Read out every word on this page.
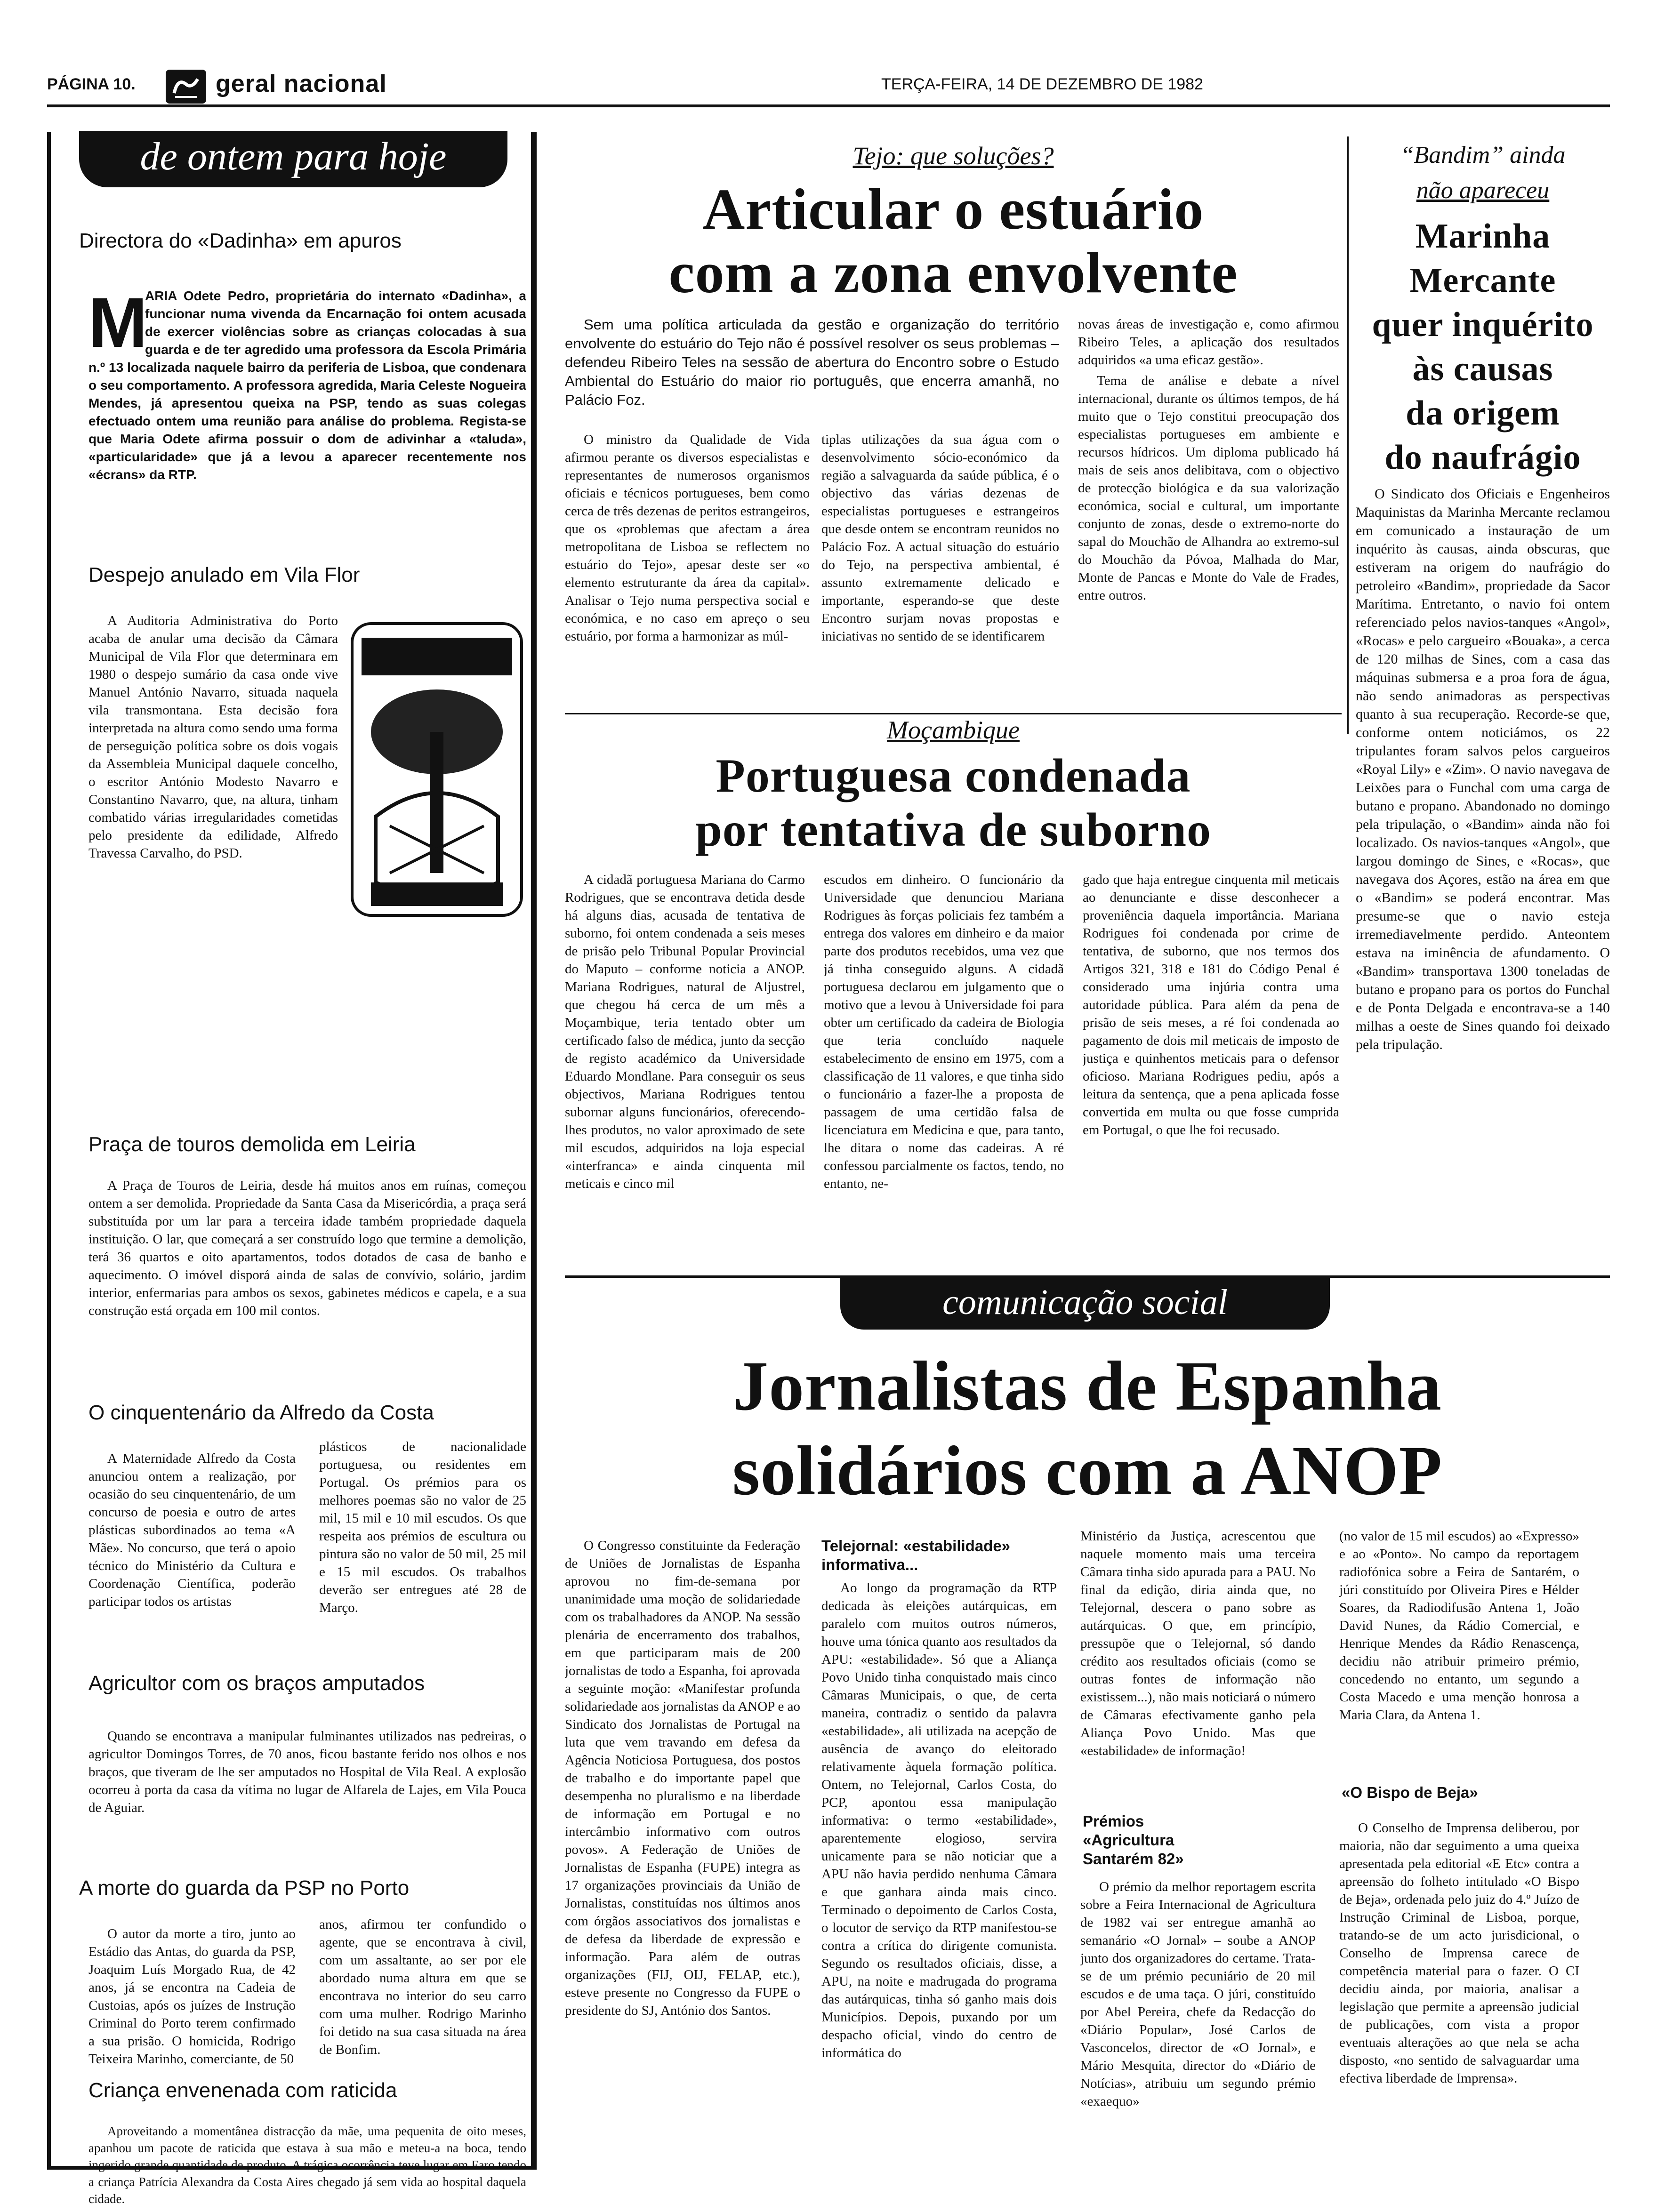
PÁGINA 10.	geral nacional	TERÇA-FEIRA, 14 DE DEZEMBRO DE 1982
de ontem para hoje
Directora do «Dadinha» em apuros
M
ARIA Odete Pedro, proprietária do internato «Dadinha», a funcionar numa vivenda da Encarnação foi ontem acusada de exercer violências sobre as crianças colocadas à sua guarda e de ter agredido uma professora da Escola Primária n.º 13 localizada naquele bairro da periferia de Lisboa, que condenara o seu comportamento. A professora agredida, Maria Celeste Nogueira Mendes, já apresentou queixa na PSP, tendo as suas colegas efectuado ontem uma reunião para análise do problema. Regista-se que Maria Odete afirma possuir o dom de adivinhar a «taluda», «particularidade» que já a levou a aparecer recentemente nos «écrans» da RTP.
Despejo anulado em Vila Flor

A Auditoria Administrativa do Porto acaba de anular uma decisão da Câmara Municipal de Vila Flor que determinara em 1980 o despejo sumário da casa onde vive Manuel António Navarro, situada naquela vila transmontana. Esta decisão fora interpretada na altura como sendo uma forma de perseguição política sobre os dois vogais da Assembleia Municipal daquele concelho, o escritor António Modesto Navarro e Constantino Navarro, que, na altura, tinham combatido várias irregularidades cometidas pelo presidente da edilidade, Alfredo Travessa Carvalho, do PSD.

Praça de touros demolida em Leiria

A Praça de Touros de Leiria, desde há muitos anos em ruínas, começou ontem a ser demolida. Propriedade da Santa Casa da Misericórdia, a praça será substituída por um lar para a terceira idade também propriedade daquela instituição. O lar, que começará a ser construído logo que termine a demolição, terá 36 quartos e oito apartamentos, todos dotados de casa de banho e aquecimento. O imóvel disporá ainda de salas de convívio, solário, jardim interior, enfermarias para ambos os sexos, gabinetes médicos e capela, e a sua construção está orçada em 100 mil contos.

O cinquentenário da Alfredo da Costa

A Maternidade Alfredo da Costa anunciou ontem a realização, por ocasião do seu cinquentenário, de um concurso de poesia e outro de artes plásticas subordinados ao tema «A Mãe». No concurso, que terá o apoio técnico do Ministério da Cultura e Coordenação Científica, poderão participar todos os artistas

plásticos de nacionalidade portuguesa, ou residentes em Portugal. Os prémios para os melhores poemas são no valor de 25 mil, 15 mil e 10 mil escudos. Os que respeita aos prémios de escultura ou pintura são no valor de 50 mil, 25 mil e 15 mil escudos. Os trabalhos deverão ser entregues até 28 de Março.
Agricultor com os braços amputados

Quando se encontrava a manipular fulminantes utilizados nas pedreiras, o agricultor Domingos Torres, de 70 anos, ficou bastante ferido nos olhos e nos braços, que tiveram de lhe ser amputados no Hospital de Vila Real. A explosão ocorreu à porta da casa da vítima no lugar de Alfarela de Lajes, em Vila Pouca de Aguiar.

A morte do guarda da PSP no Porto

O autor da morte a tiro, junto ao Estádio das Antas, do guarda da PSP, Joaquim Luís Morgado Rua, de 42 anos, já se encontra na Cadeia de Custoias, após os juízes de Instrução Criminal do Porto terem confirmado a sua prisão. O homicida, Rodrigo Teixeira Marinho, comerciante, de 50

anos, afirmou ter confundido o agente, que se encontrava à civil, com um assaltante, ao ser por ele abordado numa altura em que se encontrava no interior do seu carro com uma mulher. Rodrigo Marinho foi detido na sua casa situada na área de Bonfim.
Criança envenenada com raticida

Aproveitando a momentânea distracção da mãe, uma pequenita de oito meses, apanhou um pacote de raticida que estava à sua mão e meteu-a na boca, tendo ingerido grande quantidade de produto. A trágica ocorrência teve lugar em Faro tendo a criança Patrícia Alexandra da Costa Aires chegado já sem vida ao hospital daquela cidade.

Tejo: que soluções?
Articular o estuário
com a zona envolvente

Sem uma política articulada da gestão e organização do território envolvente do estuário do Tejo não é possível resolver os seus problemas – defendeu Ribeiro Teles na sessão de abertura do Encontro sobre o Estudo Ambiental do Estuário do maior rio português, que encerra amanhã, no Palácio Foz.

O ministro da Qualidade de Vida afirmou perante os diversos especialistas e representantes de numerosos organismos oficiais e técnicos portugueses, bem como cerca de três dezenas de peritos estrangeiros, que os «problemas que afectam a área metropolitana de Lisboa se reflectem no estuário do Tejo», apesar deste ser «o elemento estruturante da área da capital». Analisar o Tejo numa perspectiva social e económica, e no caso em apreço o seu estuário, por forma a harmonizar as múl-

tiplas utilizações da sua água com o desenvolvimento sócio-económico da região a salvaguarda da saúde pública, é o objectivo das várias dezenas de especialistas portugueses e estrangeiros que desde ontem se encontram reunidos no Palácio Foz. A actual situação do estuário do Tejo, na perspectiva ambiental, é assunto extremamente delicado e importante, esperando-se que deste Encontro surjam novas propostas e iniciativas no sentido de se identificarem
novas áreas de investigação e, como afirmou Ribeiro Teles, a aplicação dos resultados adquiridos «a uma eficaz gestão».

Tema de análise e debate a nível internacional, durante os últimos tempos, de há muito que o Tejo constitui preocupação dos especialistas portugueses em ambiente e recursos hídricos. Um diploma publicado há mais de seis anos delibitava, com o objectivo de protecção biológica e da sua valorização económica, social e cultural, um importante conjunto de zonas, desde o extremo-norte do sapal do Mouchão de Alhandra ao extremo-sul do Mouchão da Póvoa, Malhada do Mar, Monte de Pancas e Monte do Vale de Frades, entre outros.

“Bandim” ainda
não apareceu
Marinha
Mercante
quer inquérito
às causas
da origem
do naufrágio

O Sindicato dos Oficiais e Engenheiros Maquinistas da Marinha Mercante reclamou em comunicado a instauração de um inquérito às causas, ainda obscuras, que estiveram na origem do naufrágio do petroleiro «Bandim», propriedade da Sacor Marítima. Entretanto, o navio foi ontem referenciado pelos navios-tanques «Angol», «Rocas» e pelo cargueiro «Bouaka», a cerca de 120 milhas de Sines, com a casa das máquinas submersa e a proa fora de água, não sendo animadoras as perspectivas quanto à sua recuperação. Recorde-se que, conforme ontem noticiámos, os 22 tripulantes foram salvos pelos cargueiros «Royal Lily» e «Zim». O navio navegava de Leixões para o Funchal com uma carga de butano e propano. Abandonado no domingo pela tripulação, o «Bandim» ainda não foi localizado. Os navios-tanques «Angol», que largou domingo de Sines, e «Rocas», que navegava dos Açores, estão na área em que o «Bandim» se poderá encontrar. Mas presume-se que o navio esteja irremediavelmente perdido. Anteontem estava na iminência de afundamento. O «Bandim» transportava 1300 toneladas de butano e propano para os portos do Funchal e de Ponta Delgada e encontrava-se a 140 milhas a oeste de Sines quando foi deixado pela tripulação.

Moçambique
Portuguesa condenada
por tentativa de suborno

A cidadã portuguesa Mariana do Carmo Rodrigues, que se encontrava detida desde há alguns dias, acusada de tentativa de suborno, foi ontem condenada a seis meses de prisão pelo Tribunal Popular Provincial do Maputo – conforme noticia a ANOP. Mariana Rodrigues, natural de Aljustrel, que chegou há cerca de um mês a Moçambique, teria tentado obter um certificado falso de médica, junto da secção de registo académico da Universidade Eduardo Mondlane. Para conseguir os seus objectivos, Mariana Rodrigues tentou subornar alguns funcionários, oferecendo-lhes produtos, no valor aproximado de sete mil escudos, adquiridos na loja especial «interfranca» e ainda cinquenta mil meticais e cinco mil

escudos em dinheiro. O funcionário da Universidade que denunciou Mariana Rodrigues às forças policiais fez também a entrega dos valores em dinheiro e da maior parte dos produtos recebidos, uma vez que já tinha conseguido alguns. A cidadã portuguesa declarou em julgamento que o motivo que a levou à Universidade foi para obter um certificado da cadeira de Biologia que teria concluído naquele estabelecimento de ensino em 1975, com a classificação de 11 valores, e que tinha sido o funcionário a fazer-lhe a proposta de passagem de uma certidão falsa de licenciatura em Medicina e que, para tanto, lhe ditara o nome das cadeiras. A ré confessou parcialmente os factos, tendo, no entanto, ne-
gado que haja entregue cinquenta mil meticais ao denunciante e disse desconhecer a proveniência daquela importância. Mariana Rodrigues foi condenada por crime de tentativa, de suborno, que nos termos dos Artigos 321, 318 e 181 do Código Penal é considerado uma injúria contra uma autoridade pública. Para além da pena de prisão de seis meses, a ré foi condenada ao pagamento de dois mil meticais de imposto de justiça e quinhentos meticais para o defensor oficioso. Mariana Rodrigues pediu, após a leitura da sentença, que a pena aplicada fosse convertida em multa ou que fosse cumprida em Portugal, o que lhe foi recusado.
comunicação social
Jornalistas de Espanha
solidários com a ANOP

O Congresso constituinte da Federação de Uniões de Jornalistas de Espanha aprovou no fim-de-semana por unanimidade uma moção de solidariedade com os trabalhadores da ANOP. Na sessão plenária de encerramento dos trabalhos, em que participaram mais de 200 jornalistas de todo a Espanha, foi aprovada a seguinte moção: «Manifestar profunda solidariedade aos jornalistas da ANOP e ao Sindicato dos Jornalistas de Portugal na luta que vem travando em defesa da Agência Noticiosa Portuguesa, dos postos de trabalho e do importante papel que desempenha no pluralismo e na liberdade de informação em Portugal e no intercâmbio informativo com outros povos». A Federação de Uniões de Jornalistas de Espanha (FUPE) integra as 17 organizações provinciais da União de Jornalistas, constituídas nos últimos anos com órgãos associativos dos jornalistas e de defesa da liberdade de expressão e informação. Para além de outras organizações (FIJ, OIJ, FELAP, etc.), esteve presente no Congresso da FUPE o presidente do SJ, António dos Santos.

Telejornal: «estabilidade» informativa...

Ao longo da programação da RTP dedicada às eleições autárquicas, em paralelo com muitos outros números, houve uma tónica quanto aos resultados da APU: «estabilidade». Só que a Aliança Povo Unido tinha conquistado mais cinco Câmaras Municipais, o que, de certa maneira, contradiz o sentido da palavra «estabilidade», ali utilizada na acepção de ausência de avanço do eleitorado relativamente àquela formação política. Ontem, no Telejornal, Carlos Costa, do PCP, apontou essa manipulação informativa: o termo «estabilidade», aparentemente elogioso, servira unicamente para se não noticiar que a APU não havia perdido nenhuma Câmara e que ganhara ainda mais cinco. Terminado o depoimento de Carlos Costa, o locutor de serviço da RTP manifestou-se contra a crítica do dirigente comunista. Segundo os resultados oficiais, disse, a APU, na noite e madrugada do programa das autárquicas, tinha só ganho mais dois Municípios. Depois, puxando por um despacho oficial, vindo do centro de informática do

Ministério da Justiça, acrescentou que naquele momento mais uma terceira Câmara tinha sido apurada para a PAU. No final da edição, diria ainda que, no Telejornal, descera o pano sobre as autárquicas. O que, em princípio, pressupõe que o Telejornal, só dando crédito aos resultados oficiais (como se outras fontes de informação não existissem...), não mais noticiará o número de Câmaras efectivamente ganho pela Aliança Povo Unido. Mas que «estabilidade» de informação!
Prémios «Agricultura Santarém 82»

O prémio da melhor reportagem escrita sobre a Feira Internacional de Agricultura de 1982 vai ser entregue amanhã ao semanário «O Jornal» – soube a ANOP junto dos organizadores do certame. Trata-se de um prémio pecuniário de 20 mil escudos e de uma taça. O júri, constituído por Abel Pereira, chefe da Redacção do «Diário Popular», José Carlos de Vasconcelos, director de «O Jornal», e Mário Mesquita, director do «Diário de Notícias», atribuiu um segundo prémio «exaequo»

(no valor de 15 mil escudos) ao «Expresso» e ao «Ponto». No campo da reportagem radiofónica sobre a Feira de Santarém, o júri constituído por Oliveira Pires e Hélder Soares, da Radiodifusão Antena 1, João David Nunes, da Rádio Comercial, e Henrique Mendes da Rádio Renascença, decidiu não atribuir primeiro prémio, concedendo no entanto, um segundo a Costa Macedo e uma menção honrosa a Maria Clara, da Antena 1.
«O Bispo de Beja»

O Conselho de Imprensa deliberou, por maioria, não dar seguimento a uma queixa apresentada pela editorial «E Etc» contra a apreensão do folheto intitulado «O Bispo de Beja», ordenada pelo juiz do 4.º Juízo de Instrução Criminal de Lisboa, porque, tratando-se de um acto jurisdicional, o Conselho de Imprensa carece de competência material para o fazer. O CI decidiu ainda, por maioria, analisar a legislação que permite a apreensão judicial de publicações, com vista a propor eventuais alterações ao que nela se acha disposto, «no sentido de salvaguardar uma efectiva liberdade de Imprensa».
